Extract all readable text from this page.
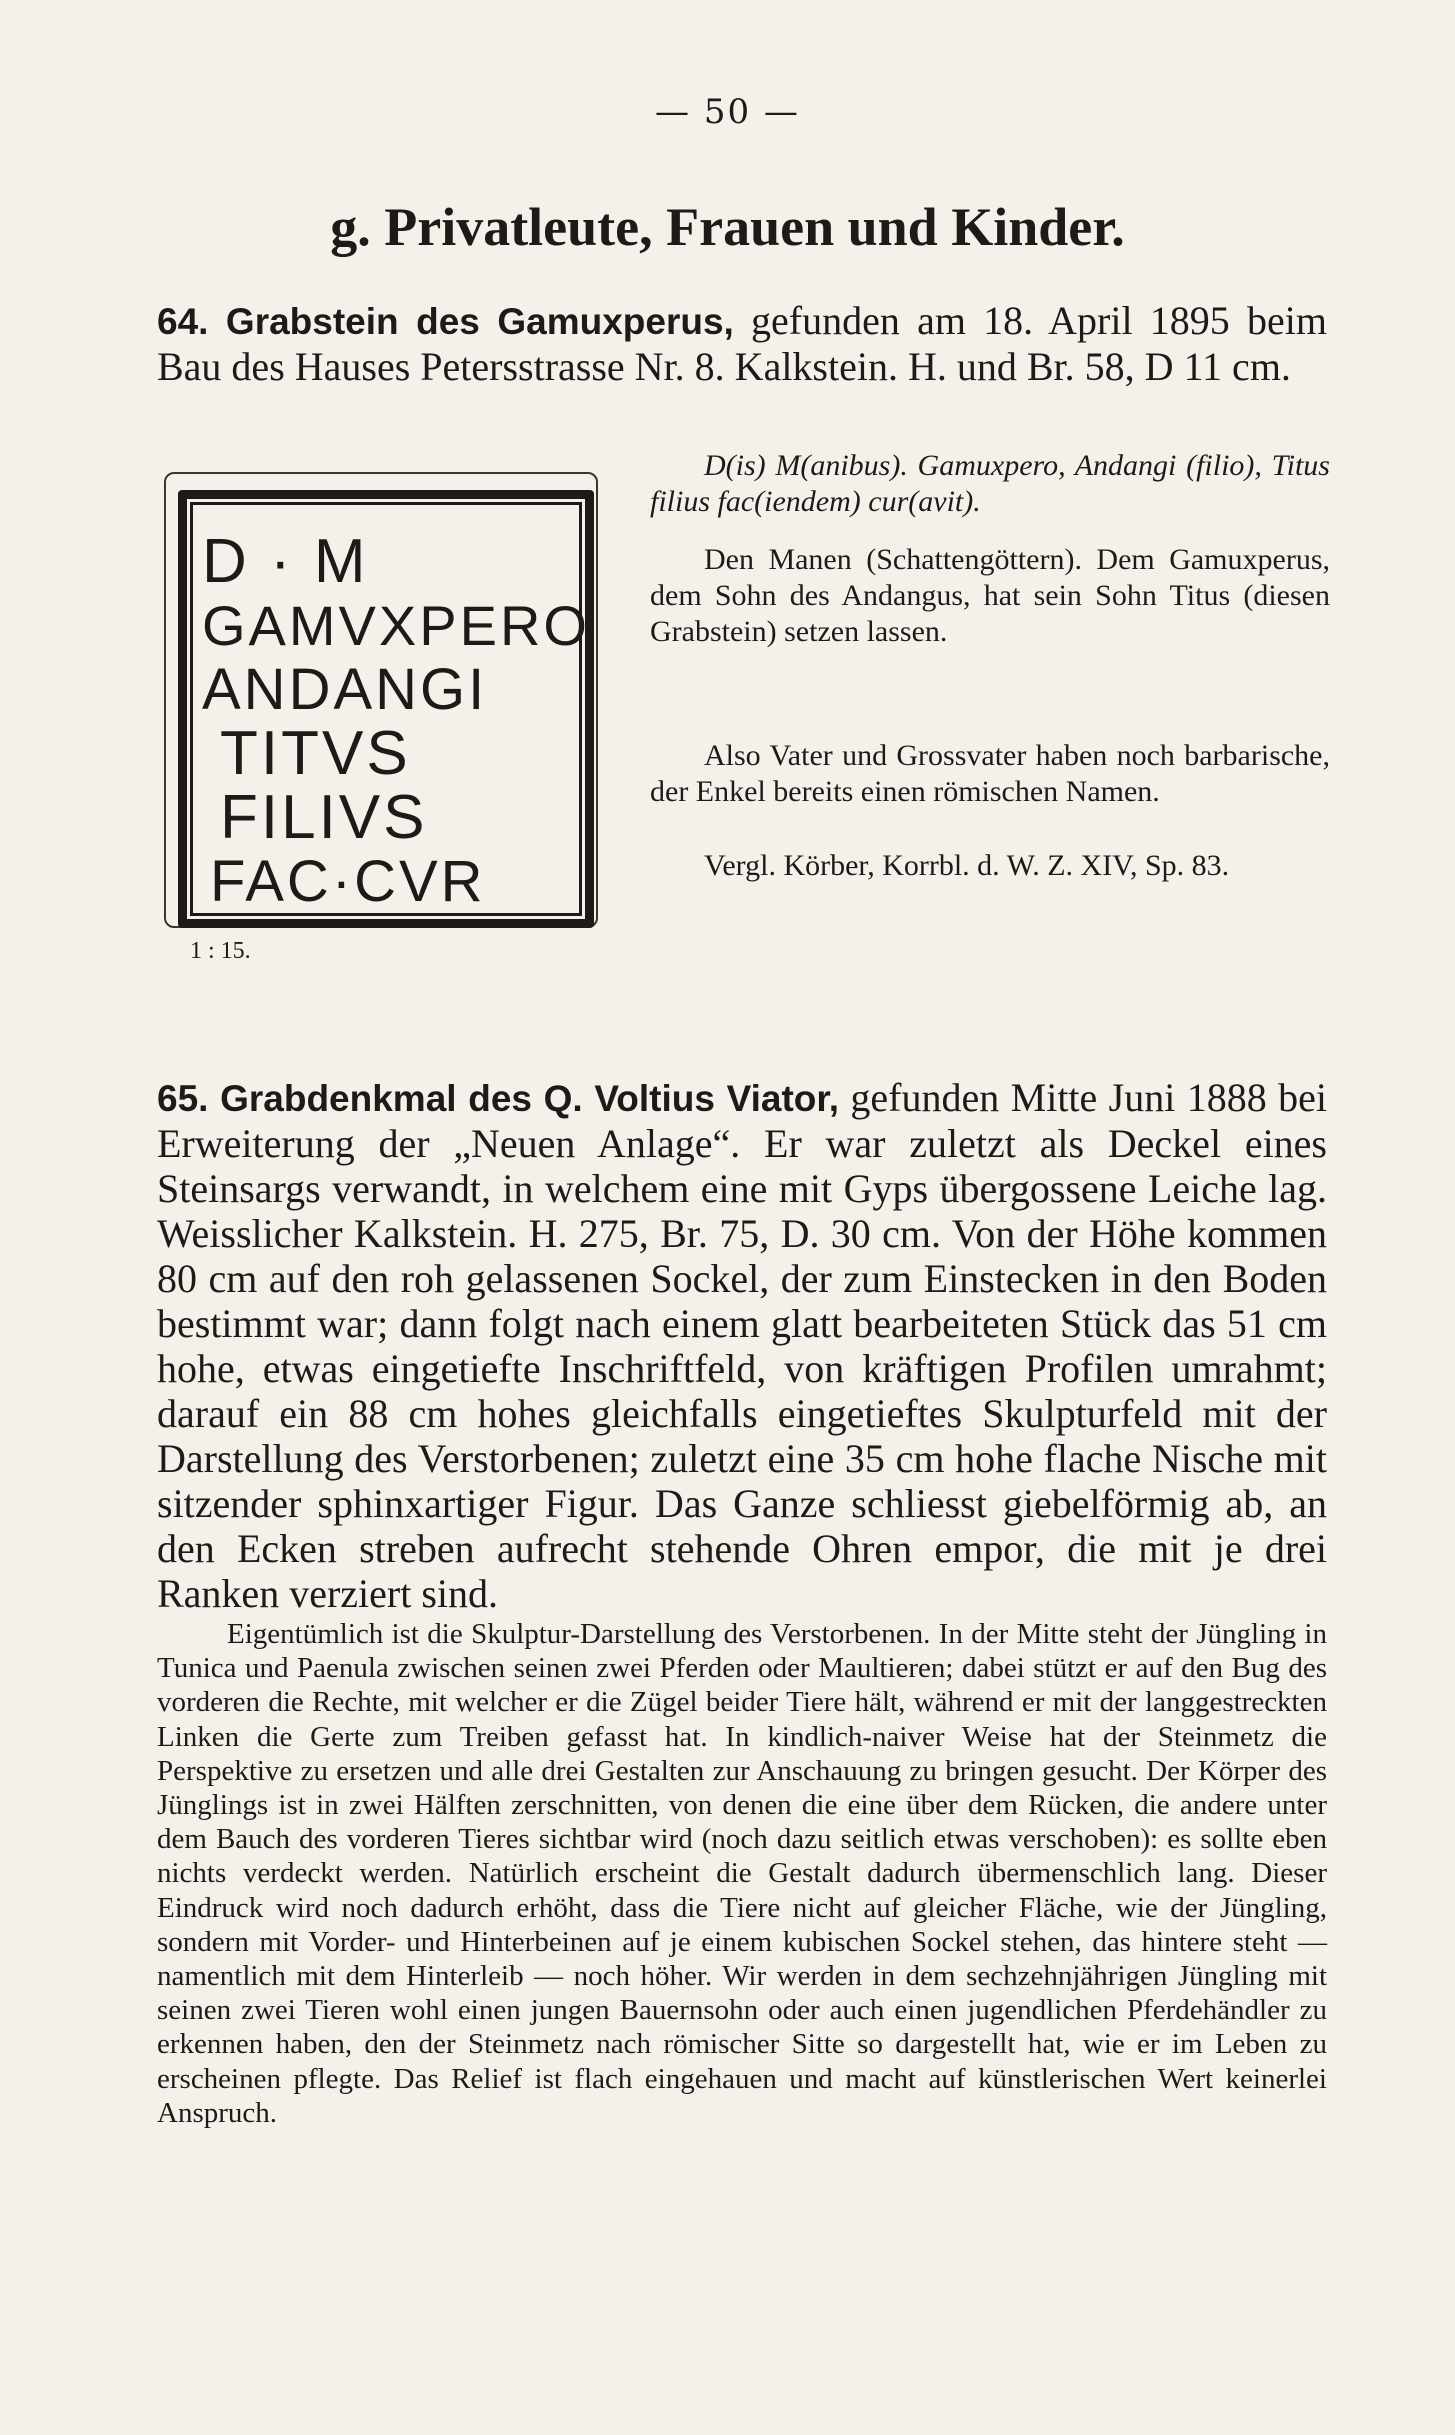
— 50 —
g. Privatleute, Frauen und Kinder.
64. Grabstein des Gamuxperus, gefunden am 18. April 1895 beim Bau des Hauses Petersstrasse Nr. 8. Kalkstein. H. und Br. 58, D 11 cm.
D · M
GAMVXPERO
ANDANGI
TITVS
FILIVS
FAC·CVR
1 : 15.
D(is) M(anibus). Gamuxpero, Andangi (filio), Titus filius fac(iendem) cur(avit).
Den Manen (Schattengöttern). Dem Gamuxperus, dem Sohn des Andangus, hat sein Sohn Titus (diesen Grabstein) setzen lassen.
Also Vater und Grossvater haben noch barbarische, der Enkel bereits einen römischen Namen.
Vergl. Körber, Korrbl. d. W. Z. XIV, Sp. 83.
65. Grabdenkmal des Q. Voltius Viator, gefunden Mitte Juni 1888 bei Erweiterung der „Neuen Anlage“. Er war zuletzt als Deckel eines Steinsargs verwandt, in welchem eine mit Gyps übergossene Leiche lag. Weisslicher Kalkstein. H. 275, Br. 75, D. 30 cm. Von der Höhe kommen 80 cm auf den roh gelassenen Sockel, der zum Einstecken in den Boden bestimmt war; dann folgt nach einem glatt bearbeiteten Stück das 51 cm hohe, etwas eingetiefte Inschriftfeld, von kräftigen Profilen umrahmt; darauf ein 88 cm hohes gleichfalls eingetieftes Skulpturfeld mit der Darstellung des Verstorbenen; zuletzt eine 35 cm hohe flache Nische mit sitzender sphinxartiger Figur. Das Ganze schliesst giebelförmig ab, an den Ecken streben aufrecht stehende Ohren empor, die mit je drei Ranken verziert sind.

Eigentümlich ist die Skulptur-Darstellung des Verstorbenen. In der Mitte steht der Jüngling in Tunica und Paenula zwischen seinen zwei Pferden oder Maultieren; dabei stützt er auf den Bug des vorderen die Rechte, mit welcher er die Zügel beider Tiere hält, während er mit der langgestreckten Linken die Gerte zum Treiben gefasst hat. In kindlich-naiver Weise hat der Steinmetz die Perspektive zu ersetzen und alle drei Gestalten zur Anschauung zu bringen gesucht. Der Körper des Jünglings ist in zwei Hälften zerschnitten, von denen die eine über dem Rücken, die andere unter dem Bauch des vorderen Tieres sichtbar wird (noch dazu seitlich etwas verschoben): es sollte eben nichts verdeckt werden. Natürlich erscheint die Gestalt dadurch übermenschlich lang. Dieser Eindruck wird noch dadurch erhöht, dass die Tiere nicht auf gleicher Fläche, wie der Jüngling, sondern mit Vorder- und Hinterbeinen auf je einem kubischen Sockel stehen, das hintere steht — namentlich mit dem Hinterleib — noch höher. Wir werden in dem sechzehnjährigen Jüngling mit seinen zwei Tieren wohl einen jungen Bauernsohn oder auch einen jugendlichen Pferdehändler zu erkennen haben, den der Steinmetz nach römischer Sitte so dargestellt hat, wie er im Leben zu erscheinen pflegte. Das Relief ist flach eingehauen und macht auf künstlerischen Wert keinerlei Anspruch.
